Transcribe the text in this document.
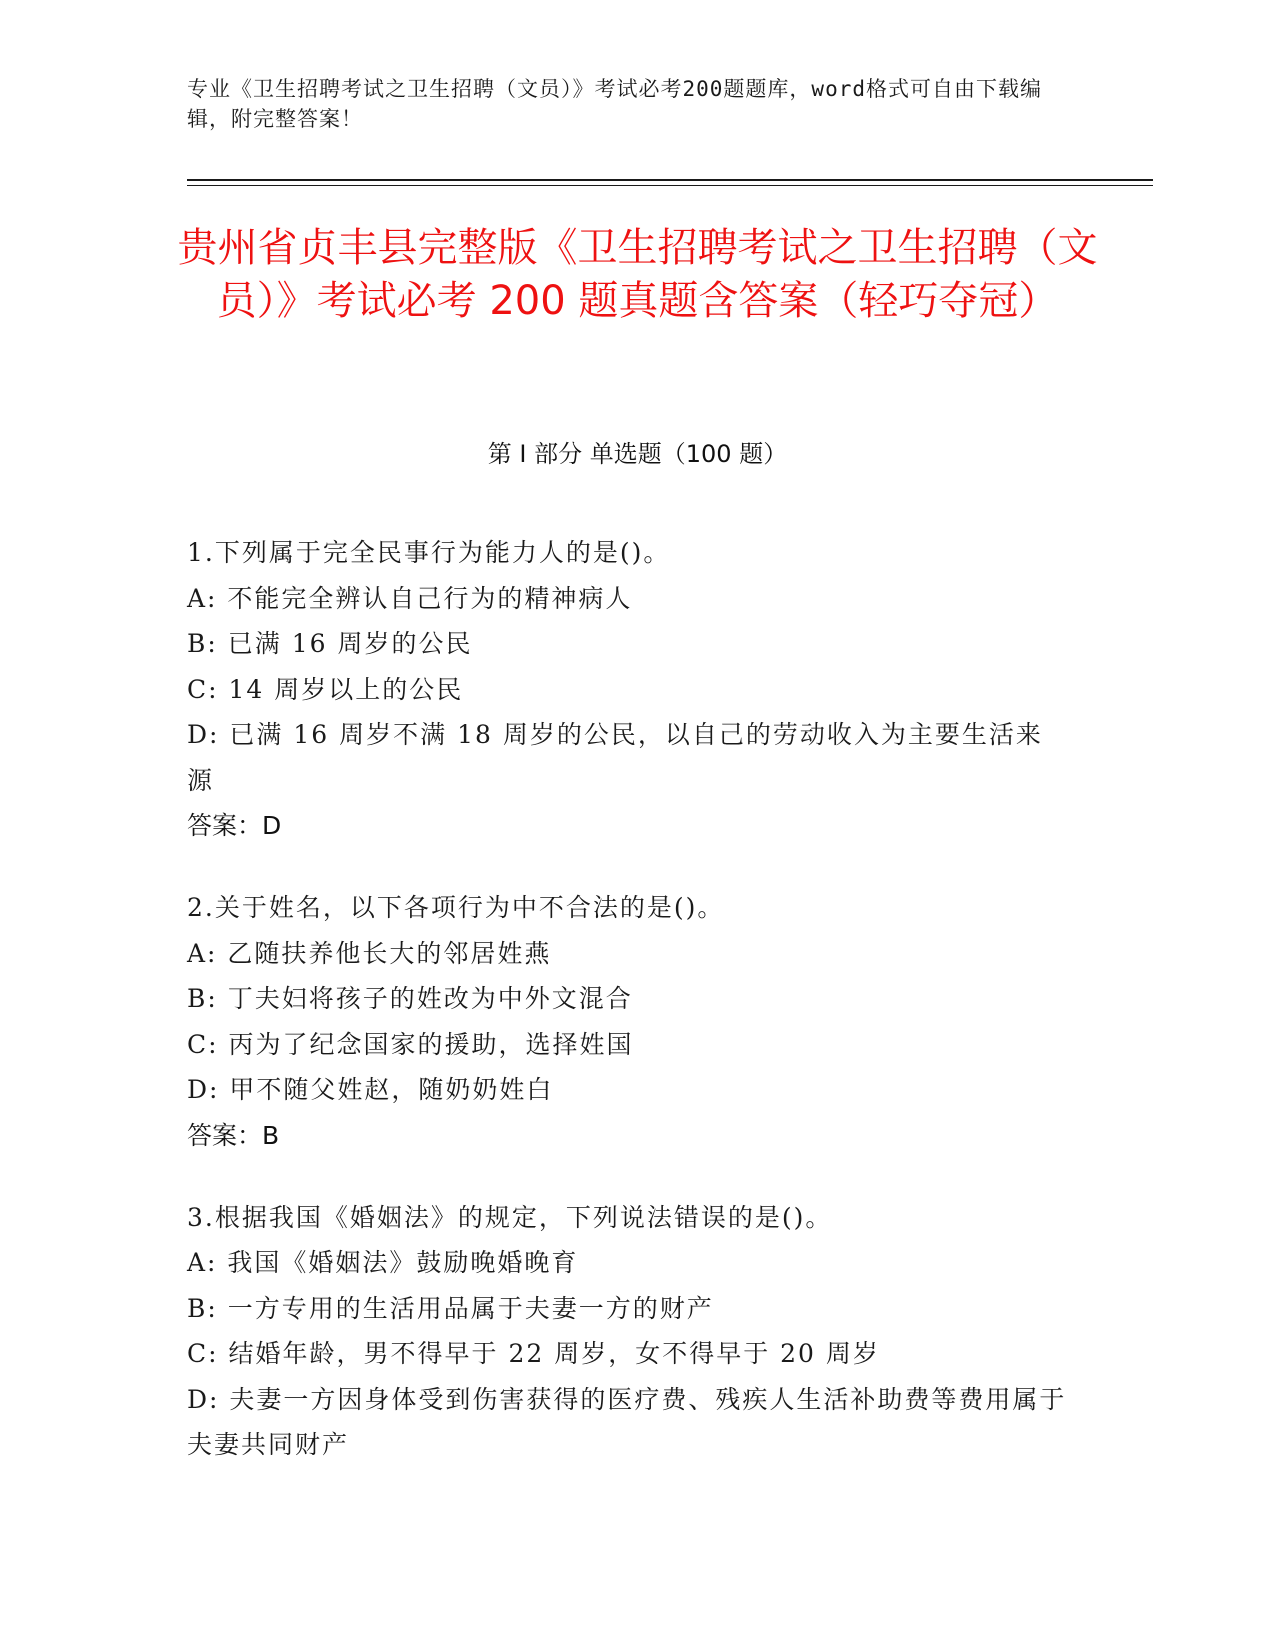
专业《卫生招聘考试之卫生招聘（文员）》考试必考200题题库，word格式可自由下载编辑，附完整答案！
贵州省贞丰县完整版《卫生招聘考试之卫生招聘（文员）》考试必考 200 题真题含答案（轻巧夺冠）
第 I 部分 单选题（100 题）
1.下列属于完全民事行为能力人的是()。
A: 不能完全辨认自己行为的精神病人
B: 已满 16 周岁的公民
C: 14 周岁以上的公民
D: 已满 16 周岁不满 18 周岁的公民，以自己的劳动收入为主要生活来源
答案：D
2.关于姓名，以下各项行为中不合法的是()。
A: 乙随扶养他长大的邻居姓燕
B: 丁夫妇将孩子的姓改为中外文混合
C: 丙为了纪念国家的援助，选择姓国
D: 甲不随父姓赵，随奶奶姓白
答案：B
3.根据我国《婚姻法》的规定，下列说法错误的是()。
A: 我国《婚姻法》鼓励晚婚晚育
B: 一方专用的生活用品属于夫妻一方的财产
C: 结婚年龄，男不得早于 22 周岁，女不得早于 20 周岁
D: 夫妻一方因身体受到伤害获得的医疗费、残疾人生活补助费等费用属于夫妻共同财产
